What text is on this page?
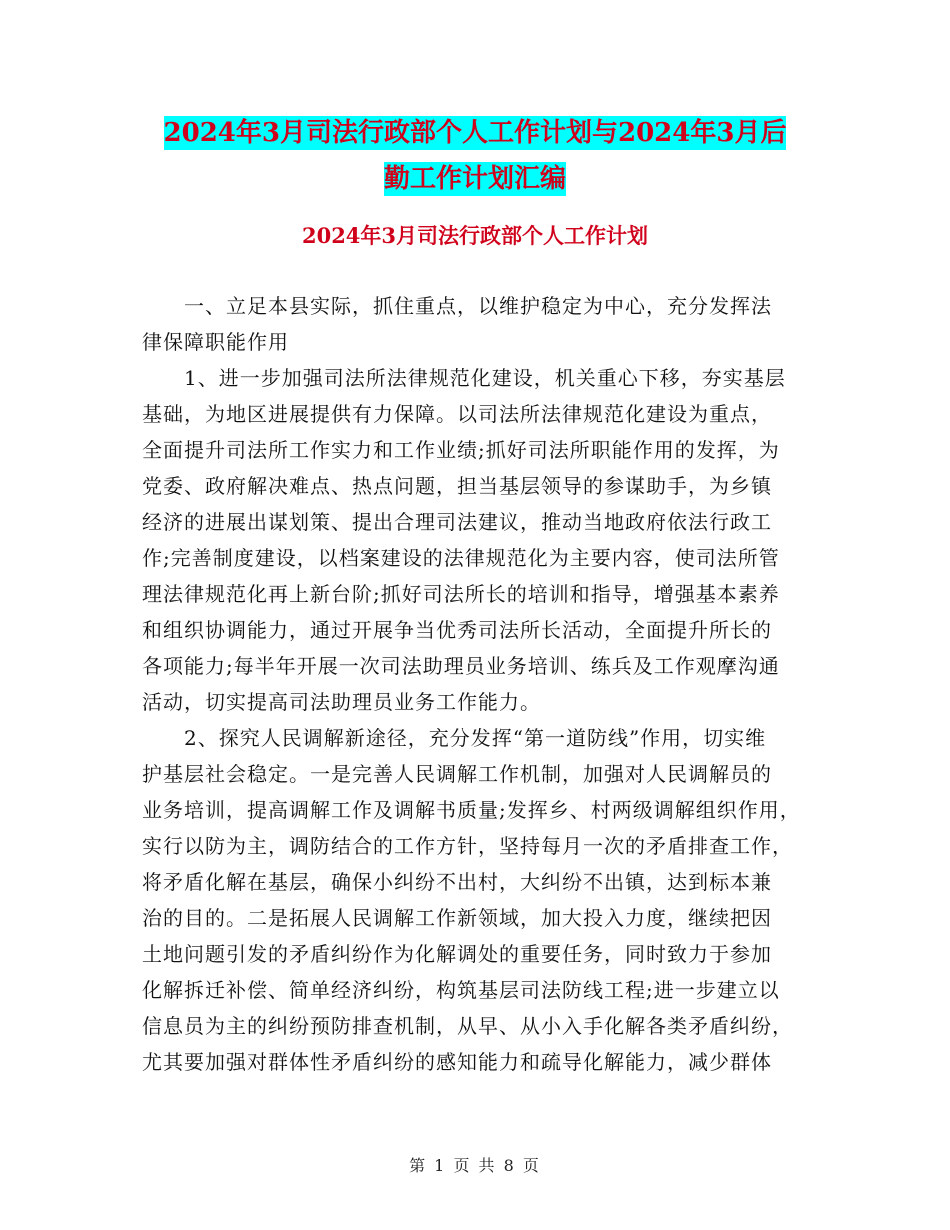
2024年3月司法行政部个人工作计划与2024年3月后
勤工作计划汇编
2024年3月司法行政部个人工作计划

一、立足本县实际，抓住重点，以维护稳定为中心，充分发挥法
律保障职能作用

1、进一步加强司法所法律规范化建设，机关重心下移，夯实基层
基础，为地区进展提供有力保障。以司法所法律规范化建设为重点，
全面提升司法所工作实力和工作业绩;抓好司法所职能作用的发挥，为
党委、政府解决难点、热点问题，担当基层领导的参谋助手，为乡镇
经济的进展出谋划策、提出合理司法建议，推动当地政府依法行政工
作;完善制度建设，以档案建设的法律规范化为主要内容，使司法所管
理法律规范化再上新台阶;抓好司法所长的培训和指导，增强基本素养
和组织协调能力，通过开展争当优秀司法所长活动，全面提升所长的
各项能力;每半年开展一次司法助理员业务培训、练兵及工作观摩沟通
活动，切实提高司法助理员业务工作能力。

2、探究人民调解新途径，充分发挥“第一道防线”作用，切实维
护基层社会稳定。一是完善人民调解工作机制，加强对人民调解员的
业务培训，提高调解工作及调解书质量;发挥乡、村两级调解组织作用，
实行以防为主，调防结合的工作方针，坚持每月一次的矛盾排查工作，
将矛盾化解在基层，确保小纠纷不出村，大纠纷不出镇，达到标本兼
治的目的。二是拓展人民调解工作新领域，加大投入力度，继续把因
土地问题引发的矛盾纠纷作为化解调处的重要任务，同时致力于参加
化解拆迁补偿、简单经济纠纷，构筑基层司法防线工程;进一步建立以
信息员为主的纠纷预防排查机制，从早、从小入手化解各类矛盾纠纷，
尤其要加强对群体性矛盾纠纷的感知能力和疏导化解能力，减少群体

第 1 页 共 8 页
